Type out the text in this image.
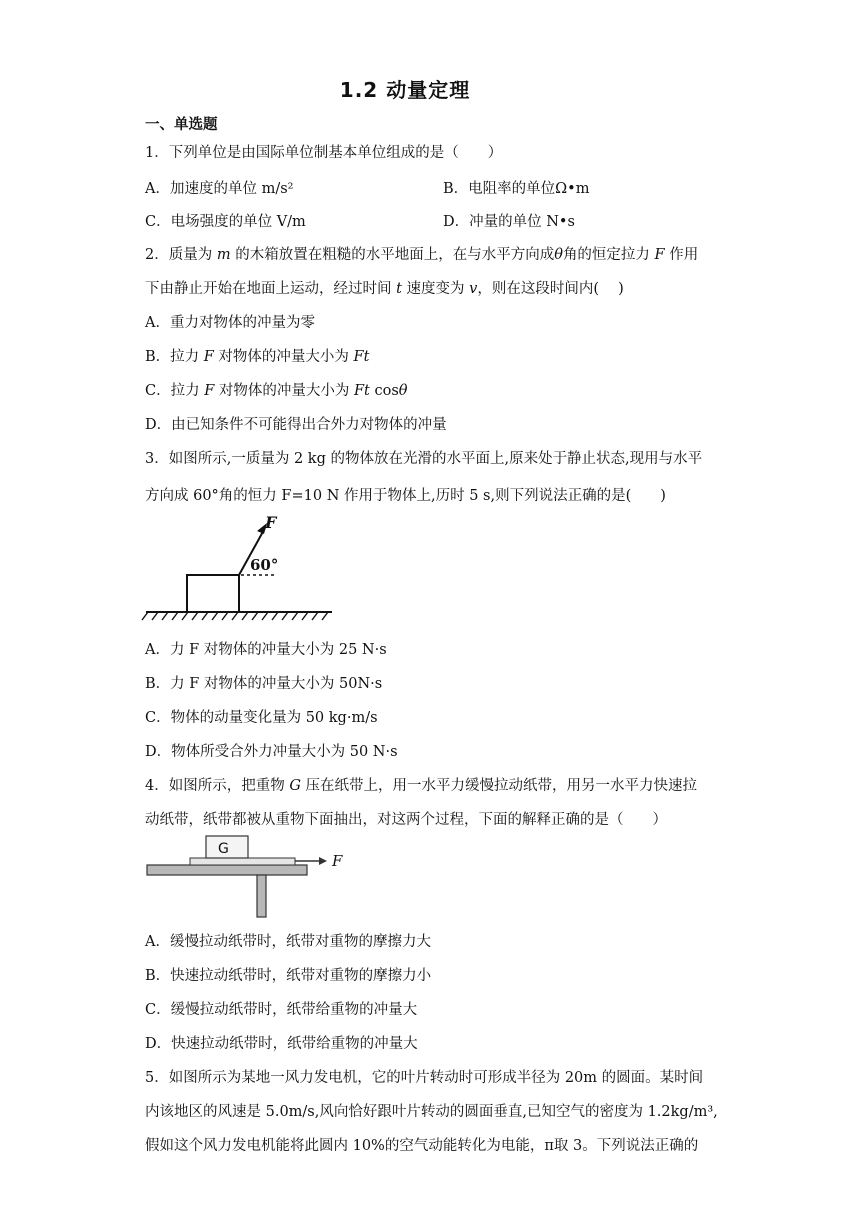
1.2 动量定理
一、单选题
1．下列单位是由国际单位制基本单位组成的是（　　）
A．加速度的单位 m/s²	B．电阻率的单位Ω•m
C．电场强度的单位 V/m	D．冲量的单位 N•s
2．质量为 m 的木箱放置在粗糙的水平地面上，在与水平方向成θ角的恒定拉力 F 作用
下由静止开始在地面上运动，经过时间 t 速度变为 v，则在这段时间内(　 )
A．重力对物体的冲量为零
B．拉力 F 对物体的冲量大小为 Ft
C．拉力 F 对物体的冲量大小为 Ft cosθ
D．由已知条件不可能得出合外力对物体的冲量
3．如图所示,一质量为 2 kg 的物体放在光滑的水平面上,原来处于静止状态,现用与水平
方向成 60°角的恒力 F=10 N 作用于物体上,历时 5 s,则下列说法正确的是(　　)
F
60°
A．力 F 对物体的冲量大小为 25 N·s
B．力 F 对物体的冲量大小为 50N·s
C．物体的动量变化量为 50 kg·m/s
D．物体所受合外力冲量大小为 50 N·s
4．如图所示，把重物 G 压在纸带上，用一水平力缓慢拉动纸带，用另一水平力快速拉
动纸带，纸带都被从重物下面抽出，对这两个过程，下面的解释正确的是（　　）
G
F
A．缓慢拉动纸带时，纸带对重物的摩擦力大
B．快速拉动纸带时，纸带对重物的摩擦力小
C．缓慢拉动纸带时，纸带给重物的冲量大
D．快速拉动纸带时，纸带给重物的冲量大
5．如图所示为某地一风力发电机，它的叶片转动时可形成半径为 20m 的圆面。某时间
内该地区的风速是 5.0m/s,风向恰好跟叶片转动的圆面垂直,已知空气的密度为 1.2kg/m³,
假如这个风力发电机能将此圆内 10%的空气动能转化为电能，π取 3。下列说法正确的
